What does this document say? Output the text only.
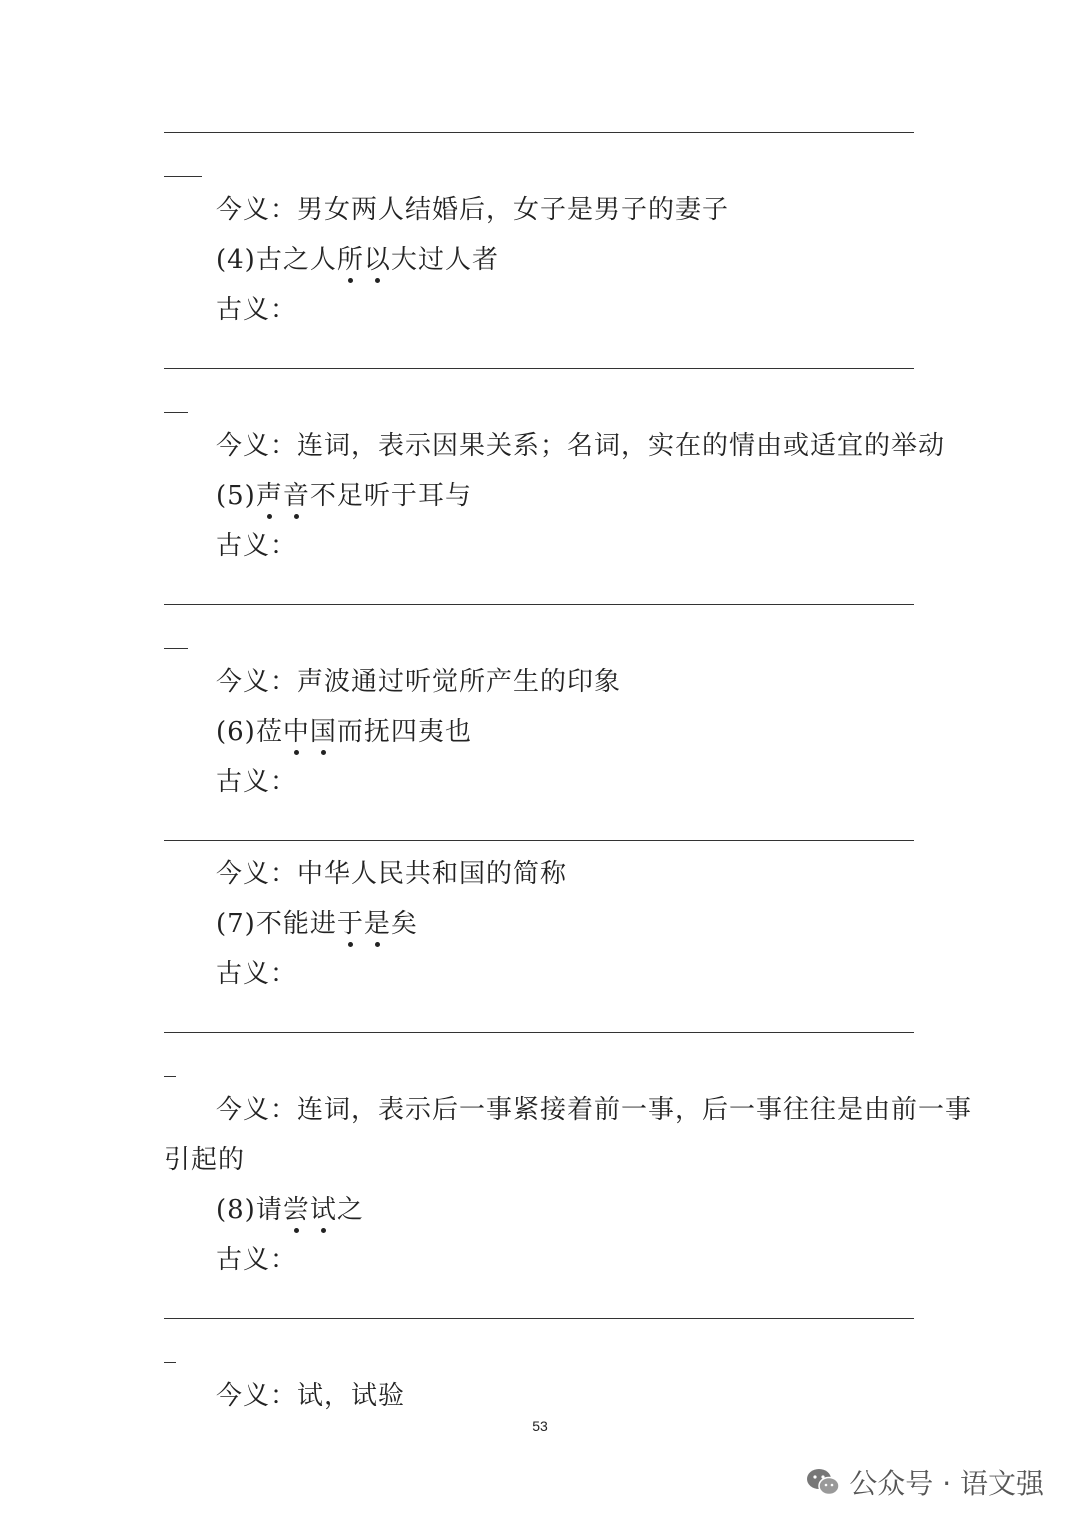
今义：男女两人结婚后，女子是男子的妻子
(4)古之人所以大过人者
古义：
今义：连词，表示因果关系；名词，实在的情由或适宜的举动
(5)声音不足听于耳与
古义：
今义：声波通过听觉所产生的印象
(6)莅中国而抚四夷也
古义：
今义：中华人民共和国的简称
(7)不能进于是矣
古义：
今义：连词，表示后一事紧接着前一事，后一事往往是由前一事
引起的
(8)请尝试之
古义：
今义：试，试验
53
公众号 · 语文强
